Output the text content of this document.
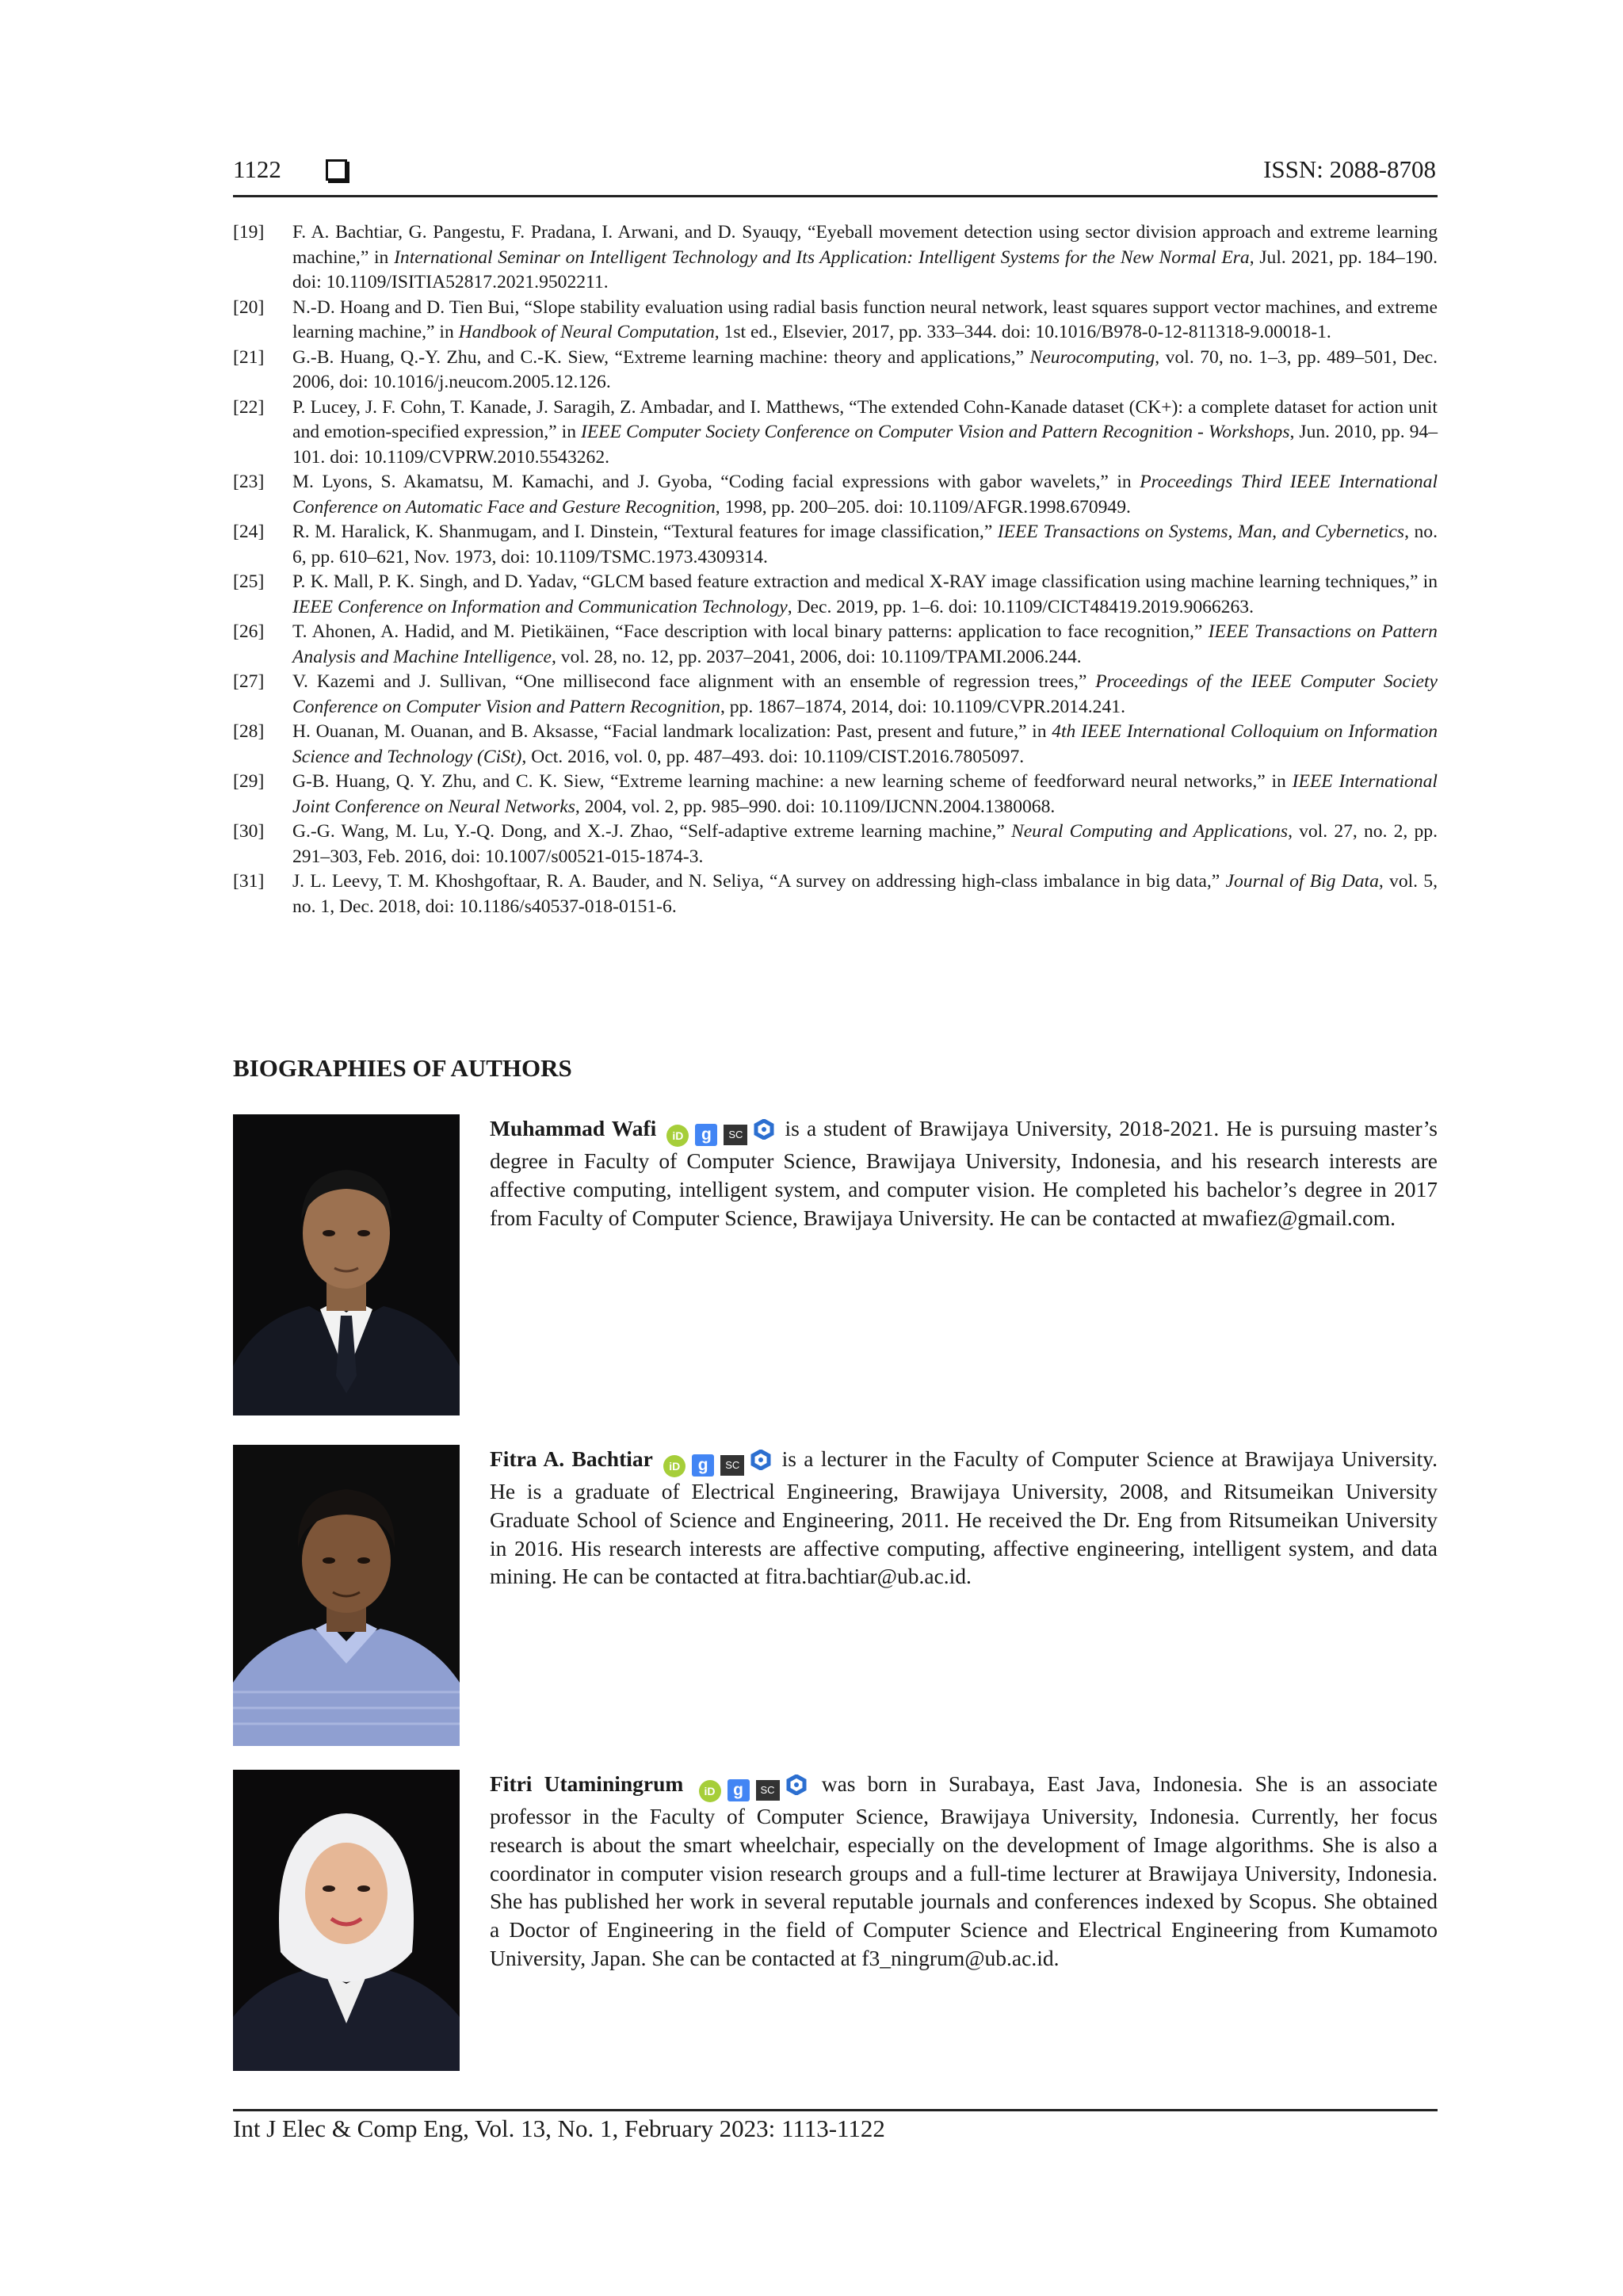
1122	ISSN: 2088-8708
[19] F. A. Bachtiar, G. Pangestu, F. Pradana, I. Arwani, and D. Syauqy, “Eyeball movement detection using sector division approach and extreme learning machine,” in International Seminar on Intelligent Technology and Its Application: Intelligent Systems for the New Normal Era, Jul. 2021, pp. 184–190. doi: 10.1109/ISITIA52817.2021.9502211.
[20] N.-D. Hoang and D. Tien Bui, “Slope stability evaluation using radial basis function neural network, least squares support vector machines, and extreme learning machine,” in Handbook of Neural Computation, 1st ed., Elsevier, 2017, pp. 333–344. doi: 10.1016/B978-0-12-811318-9.00018-1.
[21] G.-B. Huang, Q.-Y. Zhu, and C.-K. Siew, “Extreme learning machine: theory and applications,” Neurocomputing, vol. 70, no. 1–3, pp. 489–501, Dec. 2006, doi: 10.1016/j.neucom.2005.12.126.
[22] P. Lucey, J. F. Cohn, T. Kanade, J. Saragih, Z. Ambadar, and I. Matthews, “The extended Cohn-Kanade dataset (CK+): a complete dataset for action unit and emotion-specified expression,” in IEEE Computer Society Conference on Computer Vision and Pattern Recognition - Workshops, Jun. 2010, pp. 94–101. doi: 10.1109/CVPRW.2010.5543262.
[23] M. Lyons, S. Akamatsu, M. Kamachi, and J. Gyoba, “Coding facial expressions with gabor wavelets,” in Proceedings Third IEEE International Conference on Automatic Face and Gesture Recognition, 1998, pp. 200–205. doi: 10.1109/AFGR.1998.670949.
[24] R. M. Haralick, K. Shanmugam, and I. Dinstein, “Textural features for image classification,” IEEE Transactions on Systems, Man, and Cybernetics, no. 6, pp. 610–621, Nov. 1973, doi: 10.1109/TSMC.1973.4309314.
[25] P. K. Mall, P. K. Singh, and D. Yadav, “GLCM based feature extraction and medical X-RAY image classification using machine learning techniques,” in IEEE Conference on Information and Communication Technology, Dec. 2019, pp. 1–6. doi: 10.1109/CICT48419.2019.9066263.
[26] T. Ahonen, A. Hadid, and M. Pietikäinen, “Face description with local binary patterns: application to face recognition,” IEEE Transactions on Pattern Analysis and Machine Intelligence, vol. 28, no. 12, pp. 2037–2041, 2006, doi: 10.1109/TPAMI.2006.244.
[27] V. Kazemi and J. Sullivan, “One millisecond face alignment with an ensemble of regression trees,” Proceedings of the IEEE Computer Society Conference on Computer Vision and Pattern Recognition, pp. 1867–1874, 2014, doi: 10.1109/CVPR.2014.241.
[28] H. Ouanan, M. Ouanan, and B. Aksasse, “Facial landmark localization: Past, present and future,” in 4th IEEE International Colloquium on Information Science and Technology (CiSt), Oct. 2016, vol. 0, pp. 487–493. doi: 10.1109/CIST.2016.7805097.
[29] G-B. Huang, Q. Y. Zhu, and C. K. Siew, “Extreme learning machine: a new learning scheme of feedforward neural networks,” in IEEE International Joint Conference on Neural Networks, 2004, vol. 2, pp. 985–990. doi: 10.1109/IJCNN.2004.1380068.
[30] G.-G. Wang, M. Lu, Y.-Q. Dong, and X.-J. Zhao, “Self-adaptive extreme learning machine,” Neural Computing and Applications, vol. 27, no. 2, pp. 291–303, Feb. 2016, doi: 10.1007/s00521-015-1874-3.
[31] J. L. Leevy, T. M. Khoshgoftaar, R. A. Bauder, and N. Seliya, “A survey on addressing high-class imbalance in big data,” Journal of Big Data, vol. 5, no. 1, Dec. 2018, doi: 10.1186/s40537-018-0151-6.
BIOGRAPHIES OF AUTHORS
Muhammad Wafi iD g SC is a student of Brawijaya University, 2018-2021. He is pursuing master’s degree in Faculty of Computer Science, Brawijaya University, Indonesia, and his research interests are affective computing, intelligent system, and computer vision. He completed his bachelor’s degree in 2017 from Faculty of Computer Science, Brawijaya University. He can be contacted at mwafiez@gmail.com.
Fitra A. Bachtiar iD g SC is a lecturer in the Faculty of Computer Science at Brawijaya University. He is a graduate of Electrical Engineering, Brawijaya University, 2008, and Ritsumeikan University Graduate School of Science and Engineering, 2011. He received the Dr. Eng from Ritsumeikan University in 2016. His research interests are affective computing, affective engineering, intelligent system, and data mining. He can be contacted at fitra.bachtiar@ub.ac.id.
Fitri Utaminingrum iD g SC was born in Surabaya, East Java, Indonesia. She is an associate professor in the Faculty of Computer Science, Brawijaya University, Indonesia. Currently, her focus research is about the smart wheelchair, especially on the development of Image algorithms. She is also a coordinator in computer vision research groups and a full-time lecturer at Brawijaya University, Indonesia. She has published her work in several reputable journals and conferences indexed by Scopus. She obtained a Doctor of Engineering in the field of Computer Science and Electrical Engineering from Kumamoto University, Japan. She can be contacted at f3_ningrum@ub.ac.id.
Int J Elec & Comp Eng, Vol. 13, No. 1, February 2023: 1113-1122
